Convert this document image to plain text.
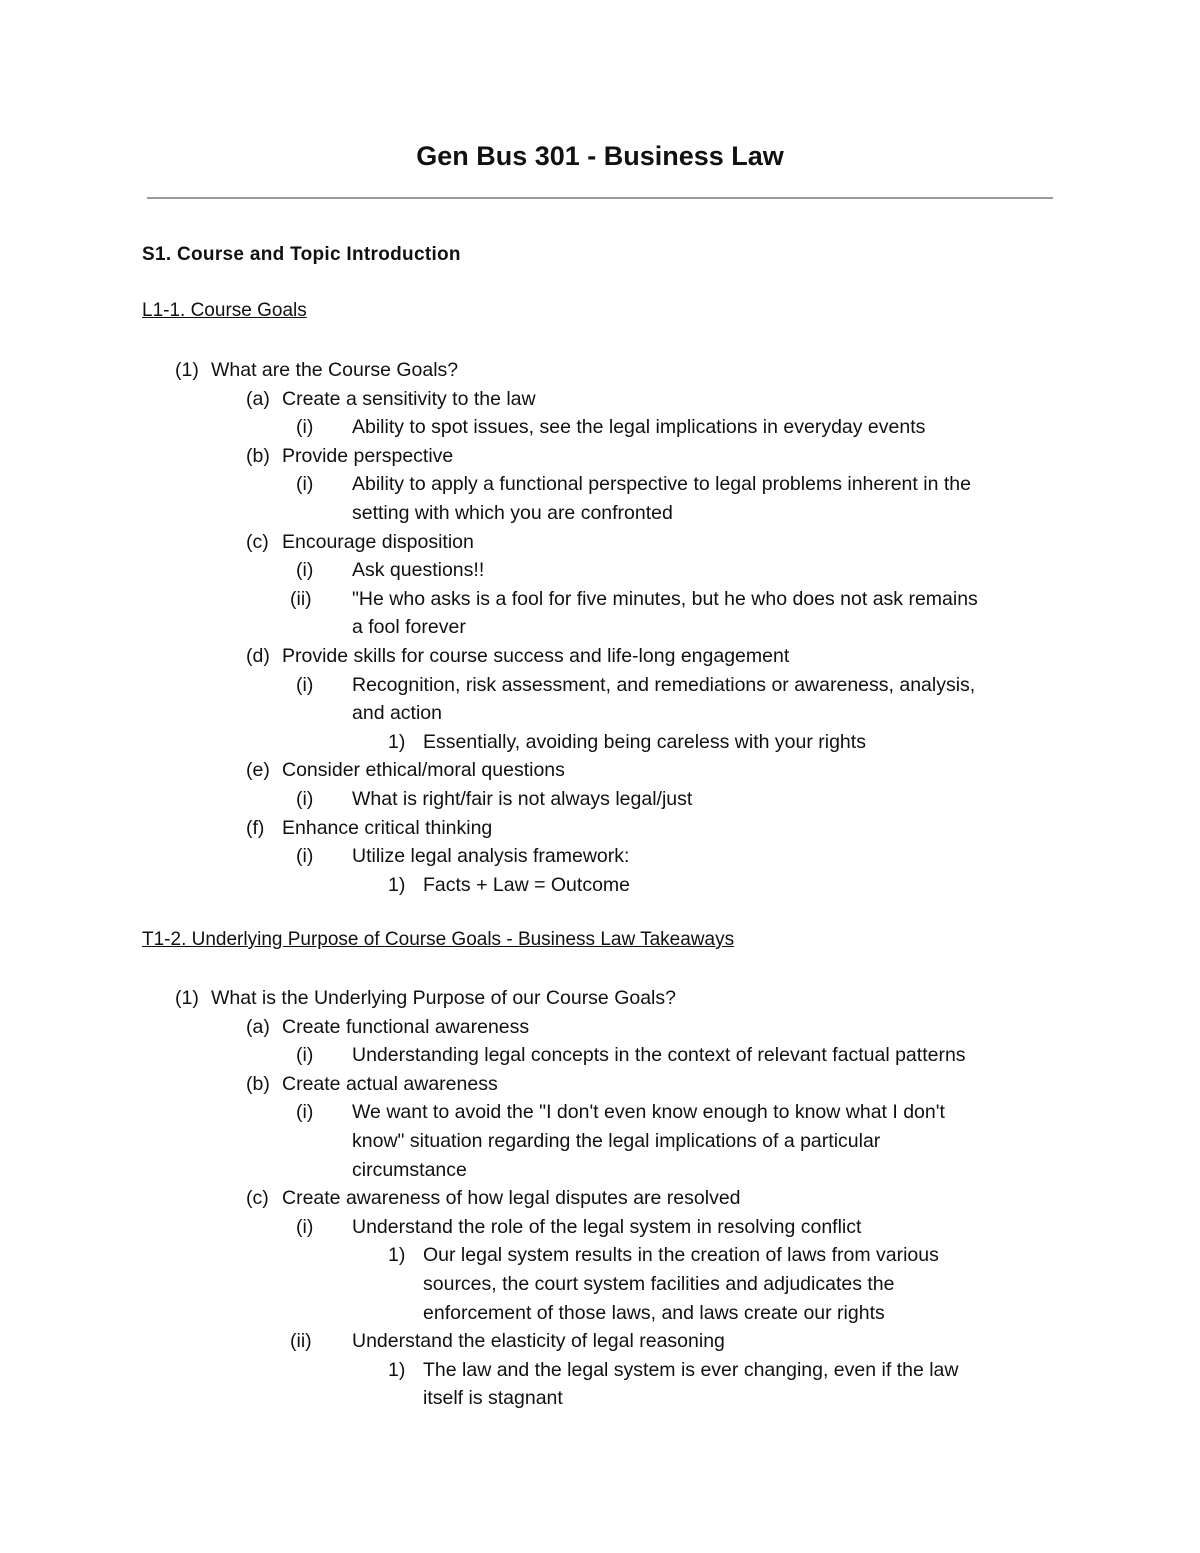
Gen Bus 301 - Business Law
S1. Course and Topic Introduction
L1-1. Course Goals
(1) What are the Course Goals?
(a) Create a sensitivity to the law
(i) Ability to spot issues, see the legal implications in everyday events
(b) Provide perspective
(i) Ability to apply a functional perspective to legal problems inherent in the
setting with which you are confronted
(c) Encourage disposition
(i) Ask questions!!
(ii) "He who asks is a fool for five minutes, but he who does not ask remains
a fool forever
(d) Provide skills for course success and life-long engagement
(i) Recognition, risk assessment, and remediations or awareness, analysis,
and action
1) Essentially, avoiding being careless with your rights
(e) Consider ethical/moral questions
(i) What is right/fair is not always legal/just
(f) Enhance critical thinking
(i) Utilize legal analysis framework:
1) Facts + Law = Outcome
T1-2. Underlying Purpose of Course Goals - Business Law Takeaways
(1) What is the Underlying Purpose of our Course Goals?
(a) Create functional awareness
(i) Understanding legal concepts in the context of relevant factual patterns
(b) Create actual awareness
(i) We want to avoid the "I don't even know enough to know what I don't
know" situation regarding the legal implications of a particular
circumstance
(c) Create awareness of how legal disputes are resolved
(i) Understand the role of the legal system in resolving conflict
1) Our legal system results in the creation of laws from various
sources, the court system facilities and adjudicates the
enforcement of those laws, and laws create our rights
(ii) Understand the elasticity of legal reasoning
1) The law and the legal system is ever changing, even if the law
itself is stagnant
